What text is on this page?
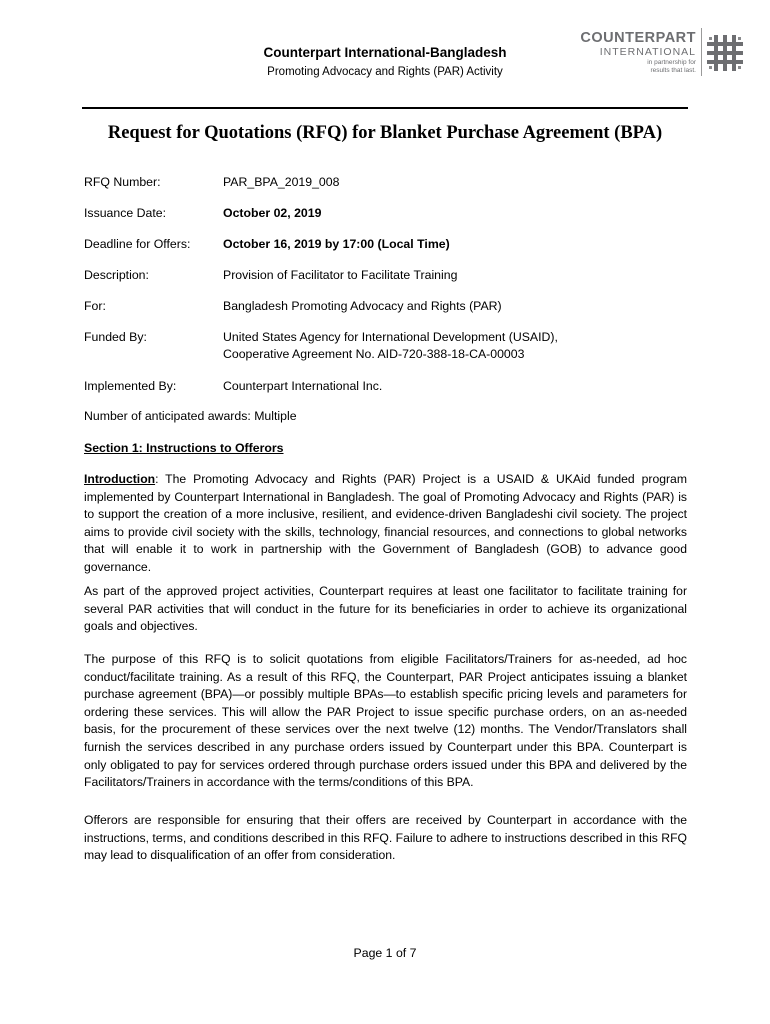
Counterpart International-Bangladesh
Promoting Advocacy and Rights (PAR) Activity
COUNTERPART
INTERNATIONAL
in partnership for
results that last.
Request for Quotations (RFQ) for Blanket Purchase Agreement (BPA)
RFQ Number:	PAR_BPA_2019_008
Issuance Date:	October 02, 2019
Deadline for Offers:	October 16, 2019 by 17:00 (Local Time)
Description:	Provision of Facilitator to Facilitate Training
For:	Bangladesh Promoting Advocacy and Rights (PAR)
Funded By:	United States Agency for International Development (USAID),
Cooperative Agreement No. AID-720-388-18-CA-00003
Implemented By:	Counterpart International Inc.
Number of anticipated awards: Multiple
Section 1: Instructions to Offerors
Introduction: The Promoting Advocacy and Rights (PAR) Project is a USAID & UKAid funded program implemented by Counterpart International in Bangladesh. The goal of Promoting Advocacy and Rights (PAR) is to support the creation of a more inclusive, resilient, and evidence-driven Bangladeshi civil society. The project aims to provide civil society with the skills, technology, financial resources, and connections to global networks that will enable it to work in partnership with the Government of Bangladesh (GOB) to advance good governance.
As part of the approved project activities, Counterpart requires at least one facilitator to facilitate training for several PAR activities that will conduct in the future for its beneficiaries in order to achieve its organizational goals and objectives.
The purpose of this RFQ is to solicit quotations from eligible Facilitators/Trainers for as-needed, ad hoc conduct/facilitate training. As a result of this RFQ, the Counterpart, PAR Project anticipates issuing a blanket purchase agreement (BPA)—or possibly multiple BPAs—to establish specific pricing levels and parameters for ordering these services. This will allow the PAR Project to issue specific purchase orders, on an as-needed basis, for the procurement of these services over the next twelve (12) months. The Vendor/Translators shall furnish the services described in any purchase orders issued by Counterpart under this BPA. Counterpart is only obligated to pay for services ordered through purchase orders issued under this BPA and delivered by the Facilitators/Trainers in accordance with the terms/conditions of this BPA.
Offerors are responsible for ensuring that their offers are received by Counterpart in accordance with the instructions, terms, and conditions described in this RFQ. Failure to adhere to instructions described in this RFQ may lead to disqualification of an offer from consideration.
Page 1 of 7
